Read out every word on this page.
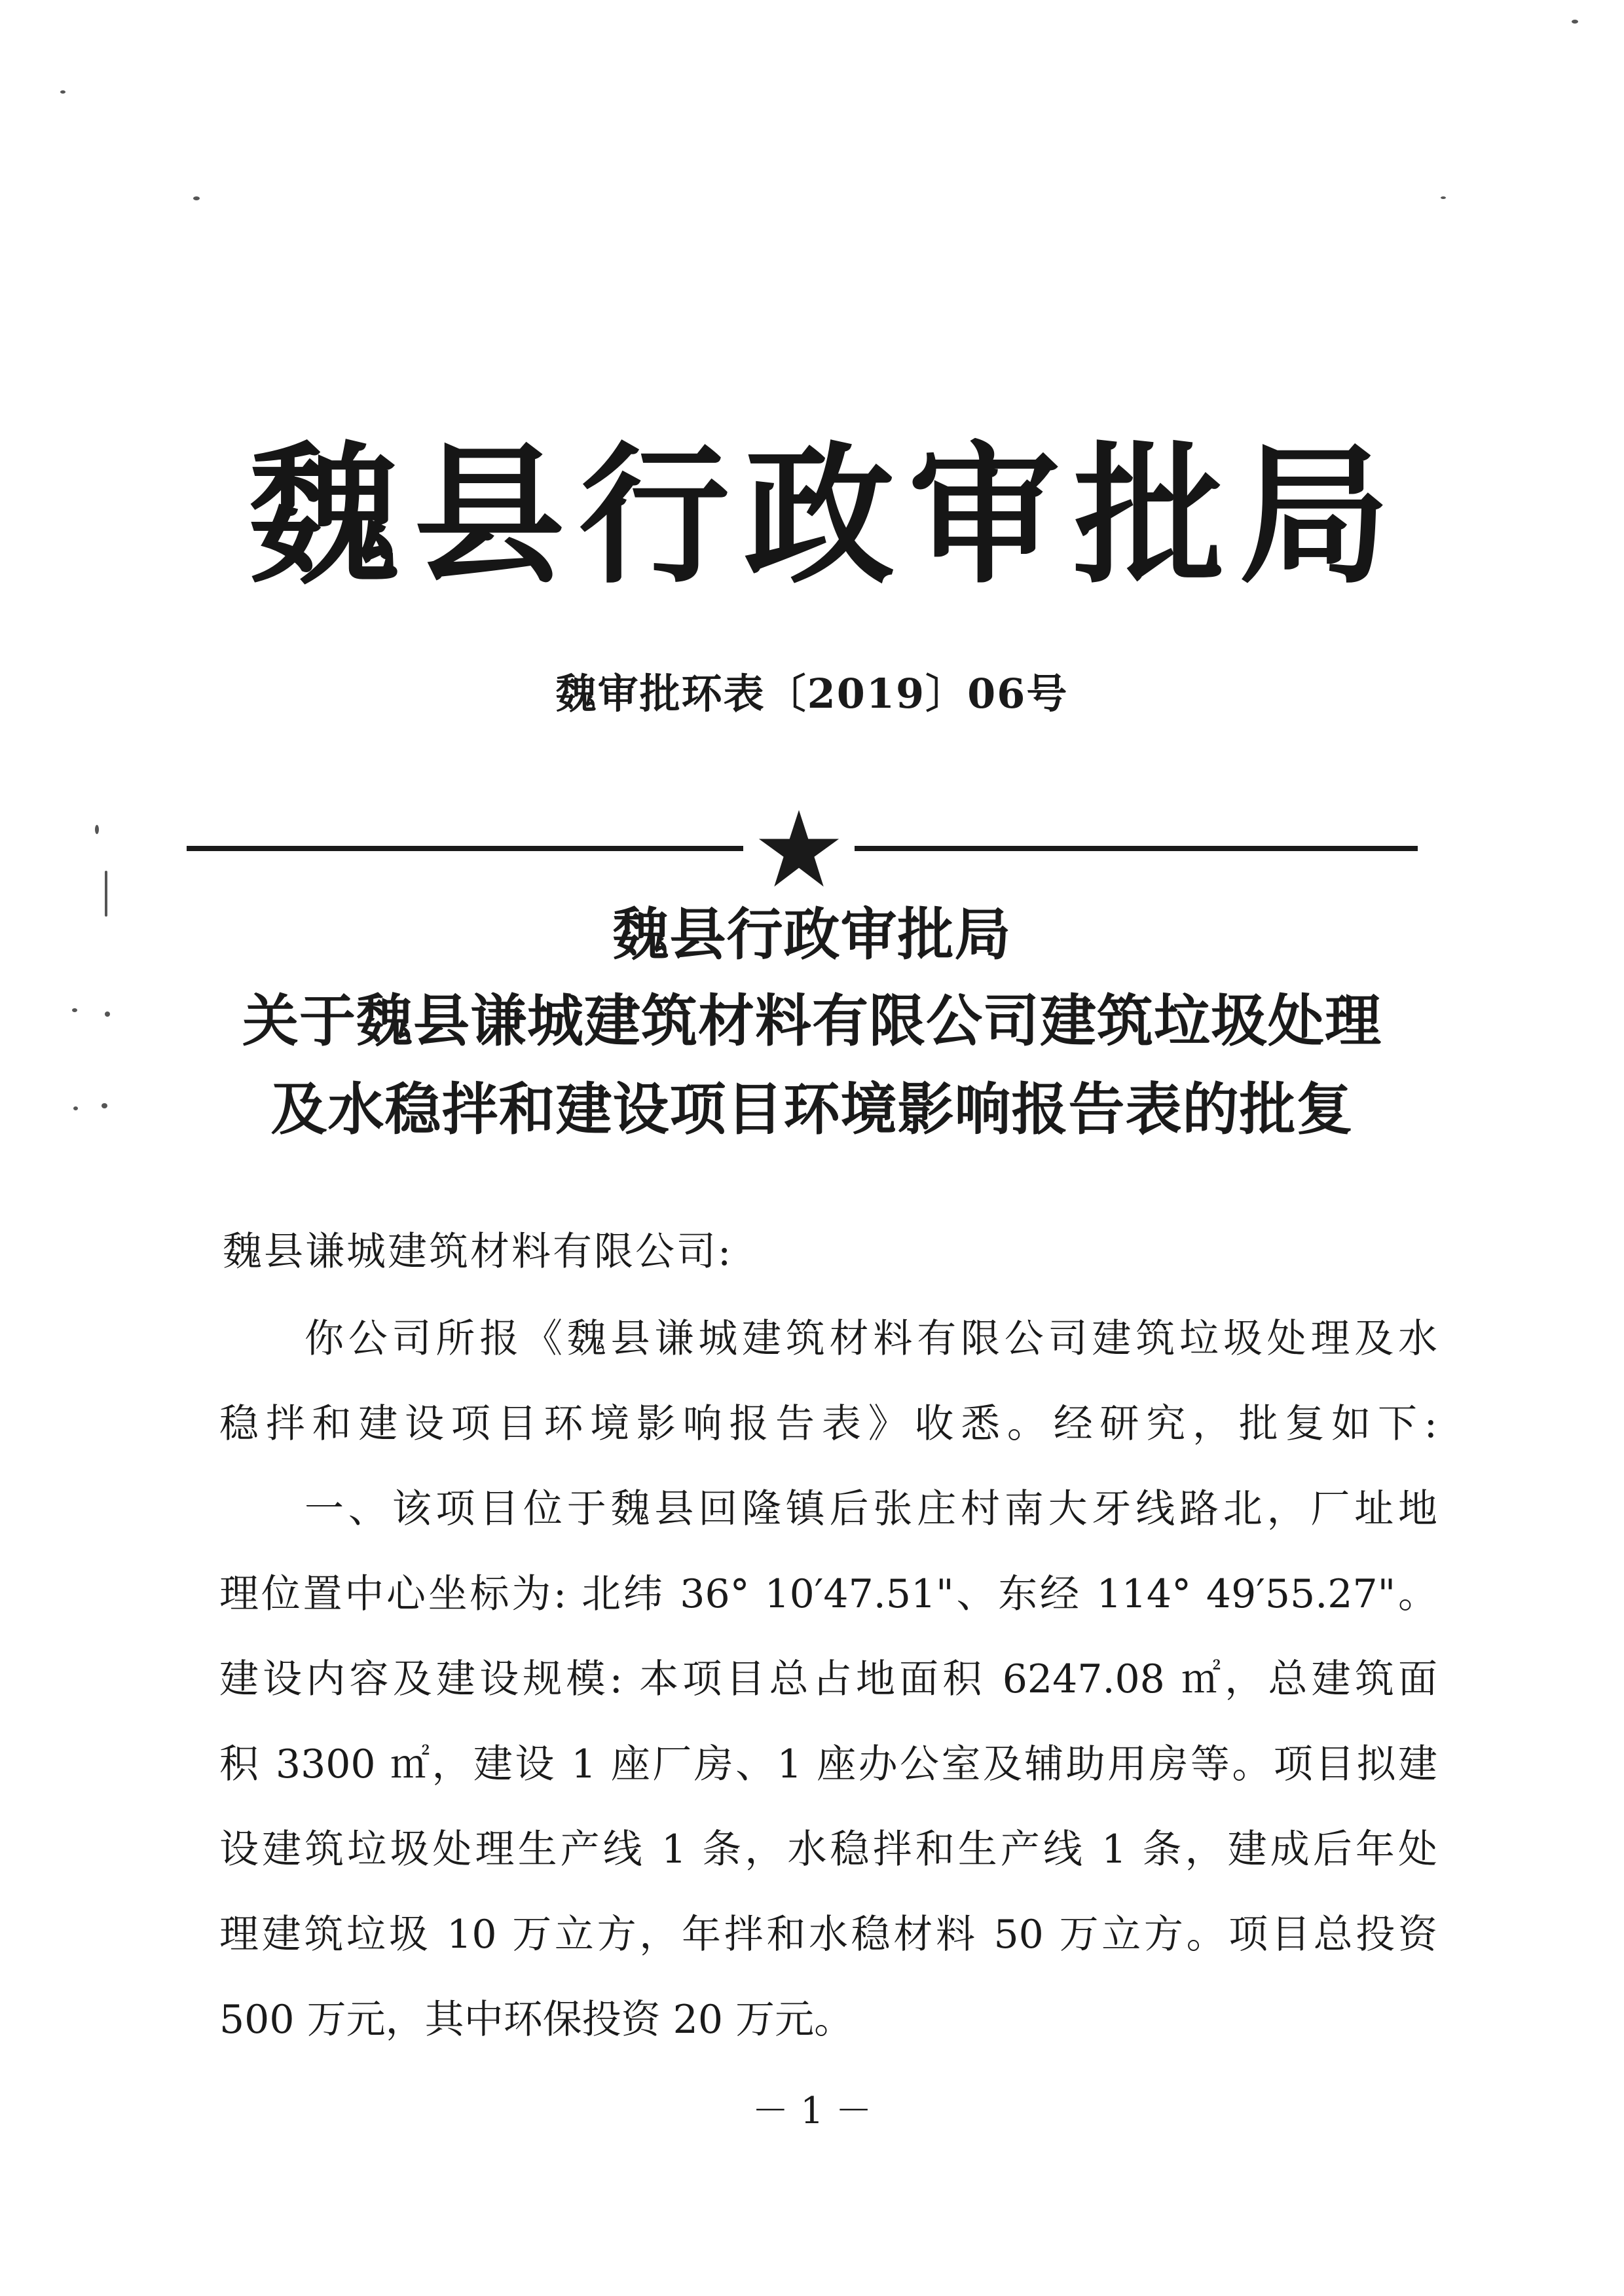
魏县行政审批局
魏审批环表〔2019〕06号
魏县行政审批局
关于魏县谦城建筑材料有限公司建筑垃圾处理
及水稳拌和建设项目环境影响报告表的批复
魏县谦城建筑材料有限公司:
你公司所报《魏县谦城建筑材料有限公司建筑垃圾处理及水
稳拌和建设项目环境影响报告表》收悉。经研究，批复如下:
一、该项目位于魏县回隆镇后张庄村南大牙线路北，厂址地
理位置中心坐标为: 北纬 36° 10′47.51"、东经 114° 49′55.27"。
建设内容及建设规模: 本项目总占地面积 6247.08 ㎡，总建筑面
积 3300 ㎡，建设 1 座厂房、1 座办公室及辅助用房等。项目拟建
设建筑垃圾处理生产线 1 条，水稳拌和生产线 1 条，建成后年处
理建筑垃圾 10 万立方，年拌和水稳材料 50 万立方。项目总投资
500 万元，其中环保投资 20 万元。
－ 1 －
